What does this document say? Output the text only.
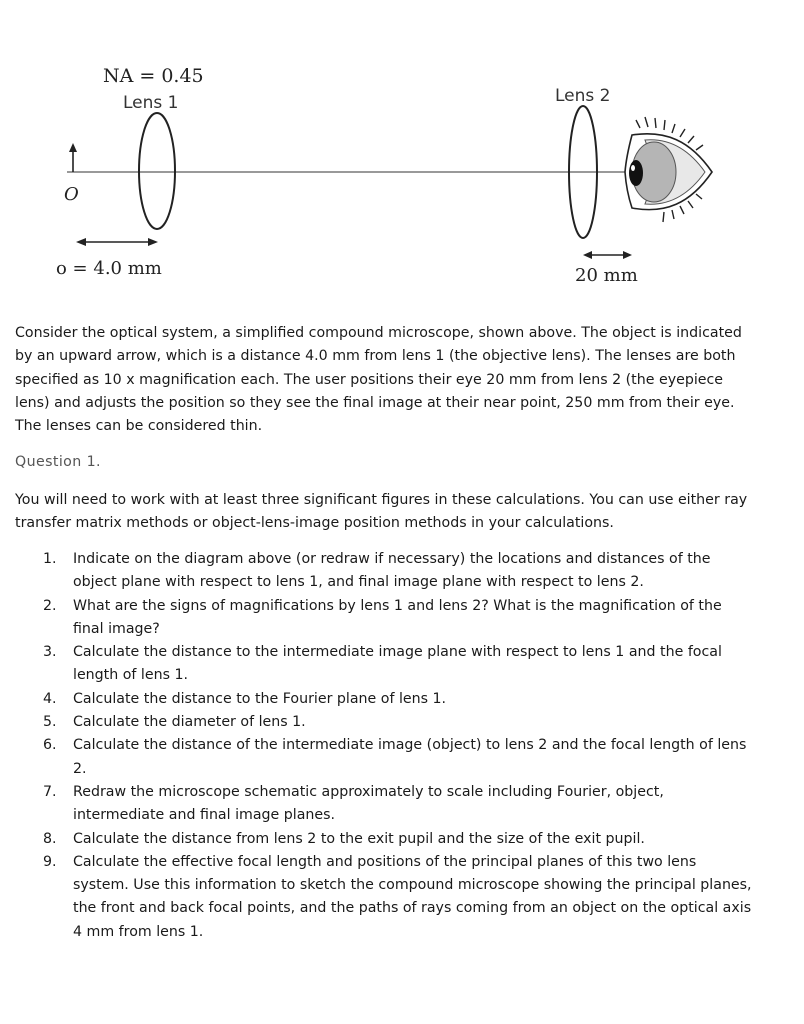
O
NA = 0.45
Lens 1
o = 4.0 mm
Lens 2
20 mm

Consider the optical system, a simplified compound microscope, shown above. The object is indicated by an upward arrow, which is a distance 4.0 mm from lens 1 (the objective lens). The lenses are both specified as 10 x magnification each. The user positions their eye 20 mm from lens 2 (the eyepiece lens) and adjusts the position so they see the final image at their near point, 250 mm from their eye. The lenses can be considered thin.

Question 1.

You will need to work with at least three significant figures in these calculations. You can use either ray transfer matrix methods or object-lens-image position methods in your calculations.

1. Indicate on the diagram above (or redraw if necessary) the locations and distances of the object plane with respect to lens 1, and final image plane with respect to lens 2.
2. What are the signs of magnifications by lens 1 and lens 2? What is the magnification of the final image?
3. Calculate the distance to the intermediate image plane with respect to lens 1 and the focal length of lens 1.
4. Calculate the distance to the Fourier plane of lens 1.
5. Calculate the diameter of lens 1.
6. Calculate the distance of the intermediate image (object) to lens 2 and the focal length of lens 2.
7. Redraw the microscope schematic approximately to scale including Fourier, object, intermediate and final image planes.
8. Calculate the distance from lens 2 to the exit pupil and the size of the exit pupil.
9. Calculate the effective focal length and positions of the principal planes of this two lens system. Use this information to sketch the compound microscope showing the principal planes, the front and back focal points, and the paths of rays coming from an object on the optical axis 4 mm from lens 1.
